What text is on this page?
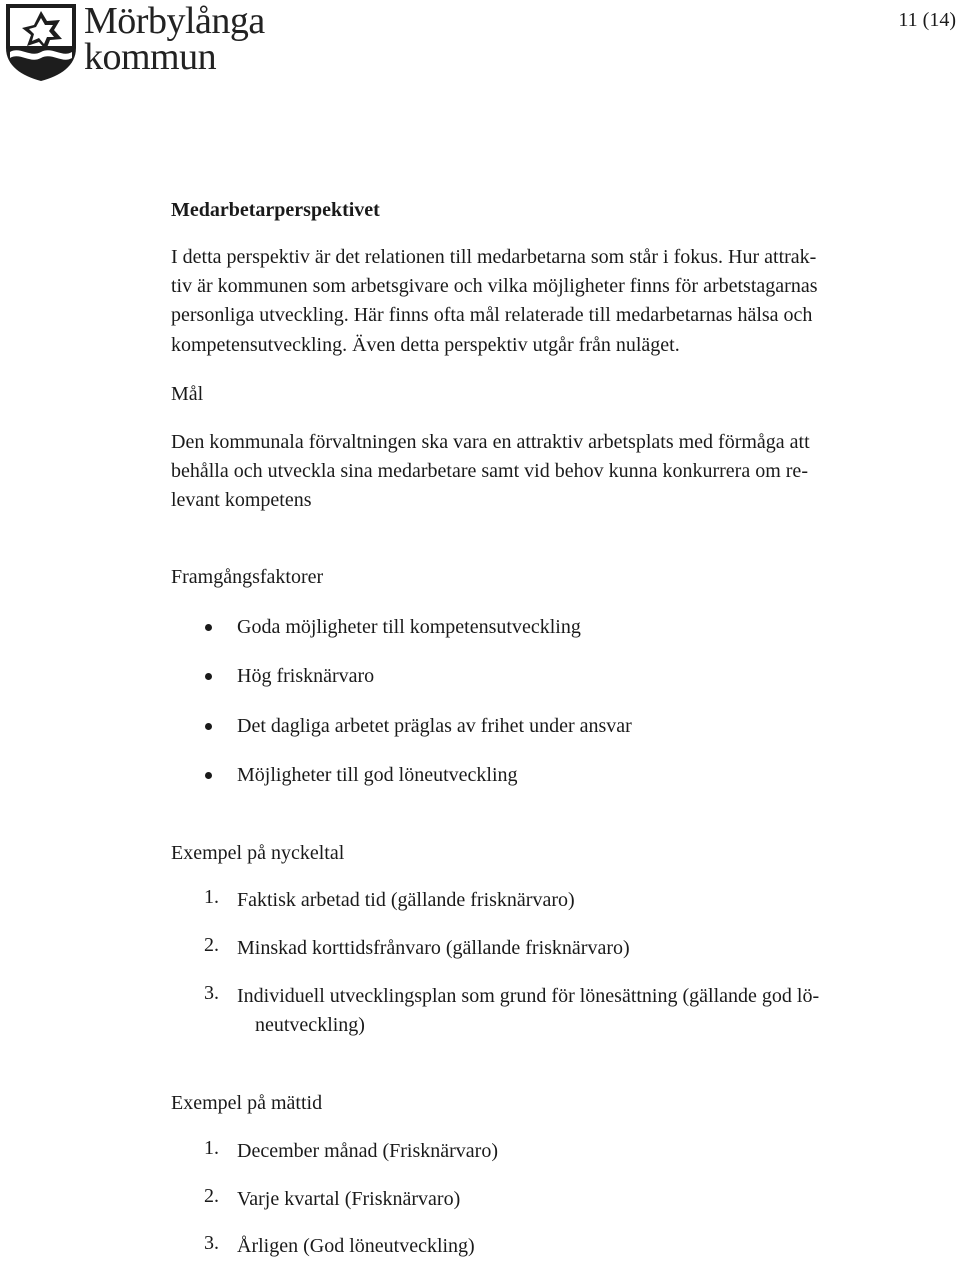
Mörbylånga
kommun
11 (14)

Medarbetarperspektivet

I detta perspektiv är det relationen till medarbetarna som står i fokus. Hur attrak-

tiv är kommunen som arbetsgivare och vilka möjligheter finns för arbetstagarnas

personliga utveckling. Här finns ofta mål relaterade till medarbetarnas hälsa och

kompetensutveckling. Även detta perspektiv utgår från nuläget.

Mål

Den kommunala förvaltningen ska vara en attraktiv arbetsplats med förmåga att

behålla och utveckla sina medarbetare samt vid behov kunna konkurrera om re-

levant kompetens

Framgångsfaktorer

Goda möjligheter till kompetensutveckling
Hög frisknärvaro
Det dagliga arbetet präglas av frihet under ansvar
Möjligheter till god löneutveckling

Exempel på nyckeltal

1. Faktisk arbetad tid (gällande frisknärvaro)
2. Minskad korttidsfrånvaro (gällande frisknärvaro)
3. Individuell utvecklingsplan som grund för lönesättning (gällande god lö-
neutveckling)

Exempel på mättid

1. December månad (Frisknärvaro)
2. Varje kvartal (Frisknärvaro)
3. Årligen (God löneutveckling)
